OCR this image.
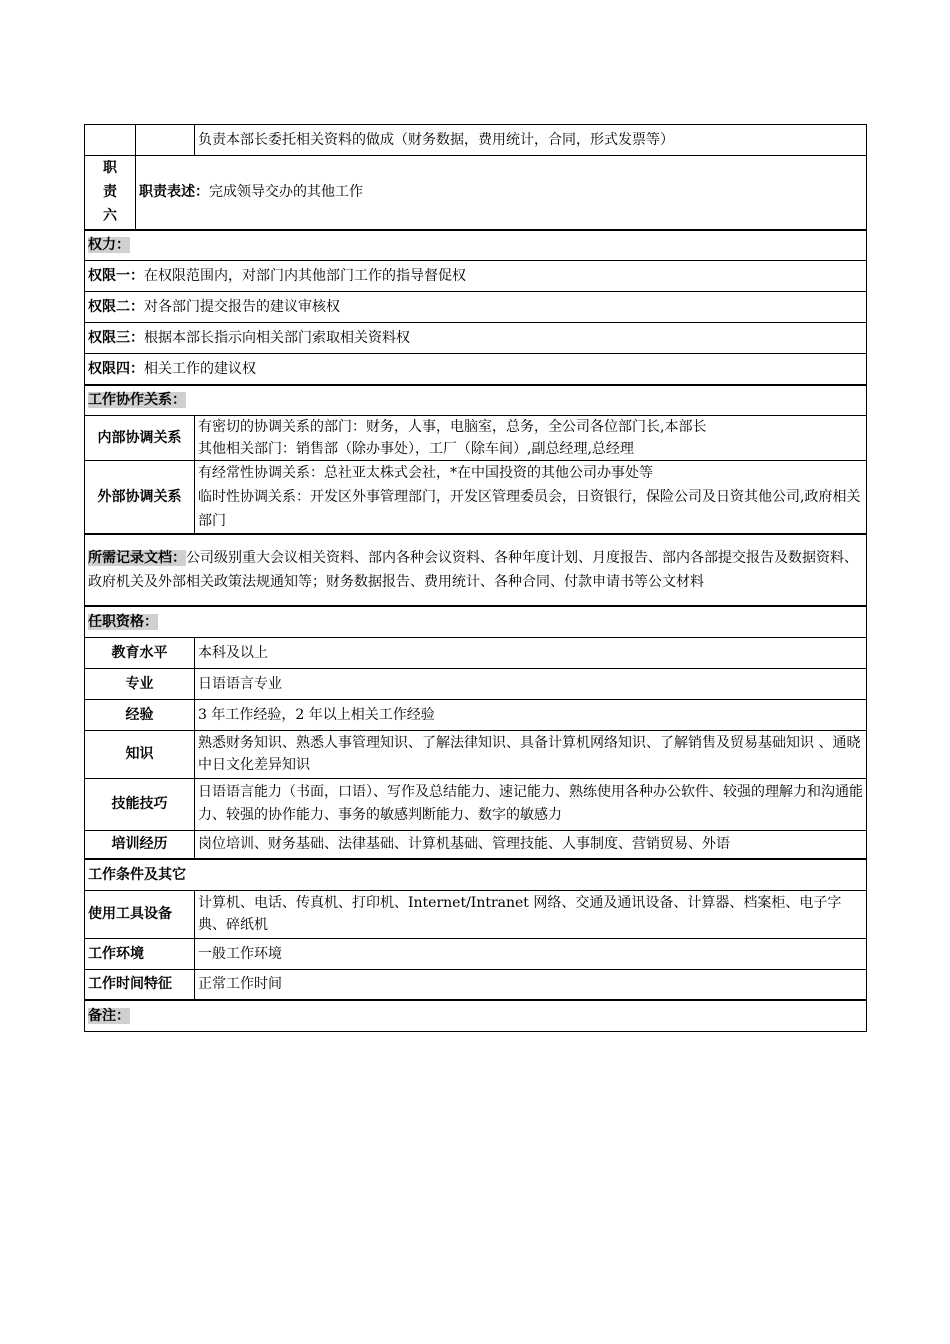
		负责本部长委托相关资料的做成（财务数据，费用统计，合同，形式发票等）

职
责
六	职责表述：完成领导交办的其他工作	
权力：		
权限一：在权限范围内，对部门内其他部门工作的指导督促权		
权限二：对各部门提交报告的建议审核权		
权限三：根据本部长指示向相关部门索取相关资料权		
权限四：相关工作的建议权		
工作协作关系：		
内部协调关系		有密切的协调关系的部门：财务，人事，电脑室，总务，全公司各位部门长,本部长
其他相关部门：销售部（除办事处），工厂（除车间）,副总经理,总经理

外部协调关系		有经常性协调关系：总社亚太株式会社，*在中国投资的其他公司办事处等
临时性协调关系：开发区外事管理部门，开发区管理委员会，日资银行，保险公司及日资其他公司,政府相关部门

所需记录文档：公司级别重大会议相关资料、部内各种会议资料、各种年度计划、月度报告、部内各部提交报告及数据资料、政府机关及外部相关政策法规通知等；财务数据报告、费用统计、各种合同、付款申请书等公文材料		
任职资格：		
教育水平		本科及以上
专业		日语语言专业
经验		3 年工作经验，2 年以上相关工作经验
知识		熟悉财务知识、熟悉人事管理知识、了解法律知识、具备计算机网络知识、了解销售及贸易基础知识 、通晓中日文化差异知识
技能技巧		日语语言能力（书面，口语）、写作及总结能力、速记能力、熟练使用各种办公软件、较强的理解力和沟通能力、较强的协作能力、事务的敏感判断能力、数字的敏感力
培训经历		岗位培训、财务基础、法律基础、计算机基础、管理技能、人事制度、营销贸易、外语
工作条件及其它		
使用工具设备		计算机、电话、传真机、打印机、Internet/Intranet 网络、交通及通讯设备、计算器、档案柜、电子字典、碎纸机
工作环境		一般工作环境
工作时间特征		正常工作时间
备注：		
